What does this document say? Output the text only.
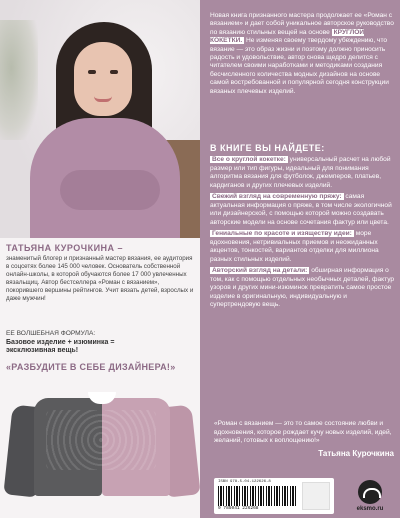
ТАТЬЯНА КУРОЧКИНА –
знаменитый блогер и признанный мастер вязания, ее аудитория в соцсетях более 145 000 человек. Основатель собственной онлайн-школы, в которой обучаются более 17 000 увлеченных вязальщиц. Автор бестселлера «Роман с вязанием», покорившего вершины рейтингов. Учит вязать детей, взрослых и даже мужчин!
ЕЕ ВОЛШЕБНАЯ ФОРМУЛА:
Базовое изделие + изюминка =
эксклюзивная вещь!
«РАЗБУДИТЕ В СЕБЕ ДИЗАЙНЕРА!»
Новая книга признанного мастера продолжает ее «Роман с вязанием» и дает собой уникальное авторское руководство по вязанию стильных вещей на основе КРУГЛОЙ КОКЕТКИ. Не изменяя своему твердому убеждению, что вязание — это образ жизни и поэтому должно приносить радость и удовольствие, автор снова щедро делится с читателем своими наработками и методиками создания бесчисленного количества модных дизайнов на основе самой востребованной и популярной сегодня конструкции вязаных плечевых изделий.
В КНИГЕ ВЫ НАЙДЕТЕ:
Все о круглой кокетке: универсальный расчет на любой размер или тип фигуры, идеальный для понимания алгоритма вязания для футболок, джемперов, платьев, кардиганов и других плечевых изделий.
Свежий взгляд на современную пряжу: самая актуальная информация о пряже, в том числе экологичной или дизайнерской, с помощью которой можно создавать авторские модели на основе сочетания фактур или цвета.
Гениальные по красоте и изяществу идеи: море вдохновения, нетривиальных приемов и неожиданных акцентов, тонкостей, вариантов отделки для миллиона разных стильных изделий.
Авторский взгляд на детали: обширная информация о том, как с помощью отдельных необычных деталей, фактур узоров и других мини-изюминок превратить самое простое изделие в оригинальную, индивидуальную и супертрендовую вещь.
«Роман с вязанием — это то самое состояние любви и вдохновения, которое рождает кучу новых изделий, идей, желаний, готовых к воплощению!»
Татьяна Курочкина
ISBN 978-5-04-122626-8
9 785041 226268	eksmo.ru
